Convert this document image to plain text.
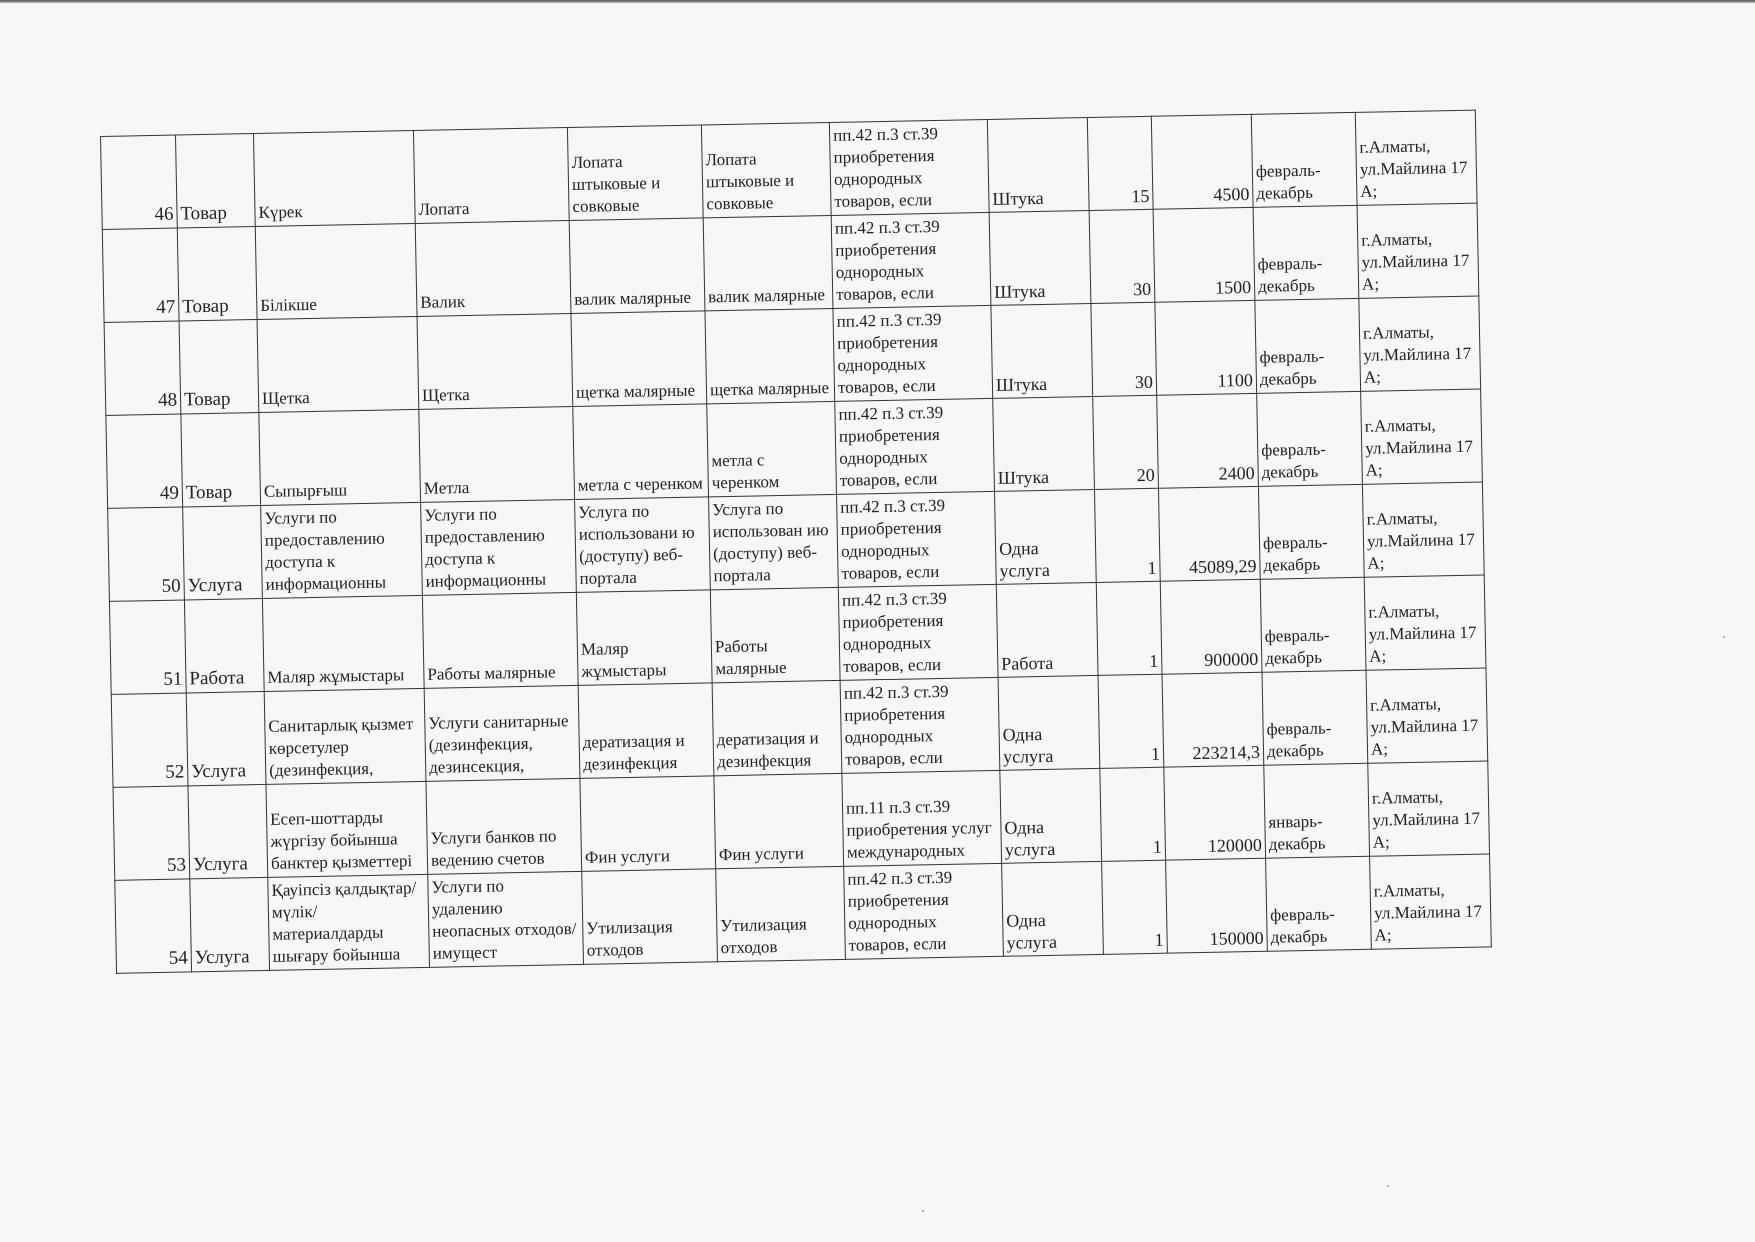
46	Товар	Күрек	Лопата	Лопата штыковые и совковые	Лопата штыковые и совковые	пп.42 п.3 ст.39 приобретения однородных товаров, если	Штука	15	4500	февраль-декабрь	г.Алматы, ул.Майлина 17 А;

47	Товар	Білікше	Валик	валик малярные	валик малярные	пп.42 п.3 ст.39 приобретения однородных товаров, если	Штука	30	1500	февраль-декабрь	г.Алматы, ул.Майлина 17 А;

48	Товар	Щетка	Щетка	щетка малярные	щетка малярные	пп.42 п.3 ст.39 приобретения однородных товаров, если	Штука	30	1100	февраль-декабрь	г.Алматы, ул.Майлина 17 А;

49	Товар	Сыпырғыш	Метла	метла с черенком	метла с черенком	пп.42 п.3 ст.39 приобретения однородных товаров, если	Штука	20	2400	февраль-декабрь	г.Алматы, ул.Майлина 17 А;

50	Услуга	Услуги по предоставлению доступа к информационны	Услуги по предоставлению доступа к информационны	Услуга по использовани ю (доступу) веб-портала	Услуга по использован ию (доступу) веб-портала	пп.42 п.3 ст.39 приобретения однородных товаров, если	Одна услуга	1	45089,29	февраль-декабрь	г.Алматы, ул.Майлина 17 А;

51	Работа	Маляр жұмыстары	Работы малярные	Маляр жұмыстары	Работы малярные	пп.42 п.3 ст.39 приобретения однородных товаров, если	Работа	1	900000	февраль-декабрь	г.Алматы, ул.Майлина 17 А;

52	Услуга	Санитарлық қызмет көрсетулер (дезинфекция,	Услуги санитарные (дезинфекция, дезинсекция,	дератизация и дезинфекция	дератизация и дезинфекция	пп.42 п.3 ст.39 приобретения однородных товаров, если	Одна услуга	1	223214,3	февраль-декабрь	г.Алматы, ул.Майлина 17 А;

53	Услуга	Есеп-шоттарды жүргізу бойынша банктер қызметтері	Услуги банков по ведению счетов	Фин услуги	Фин услуги	пп.11 п.3 ст.39 приобретения услуг международных	Одна услуга	1	120000	январь-декабрь	г.Алматы, ул.Майлина 17 А;

54	Услуга	Қауіпсіз қалдықтар/мүлік/ материалдарды шығару бойынша	Услуги по удалению неопасных отходов/имущест	Утилизация отходов	Утилизация отходов	пп.42 п.3 ст.39 приобретения однородных товаров, если	Одна услуга	1	150000	февраль-декабрь	г.Алматы, ул.Майлина 17 А;
